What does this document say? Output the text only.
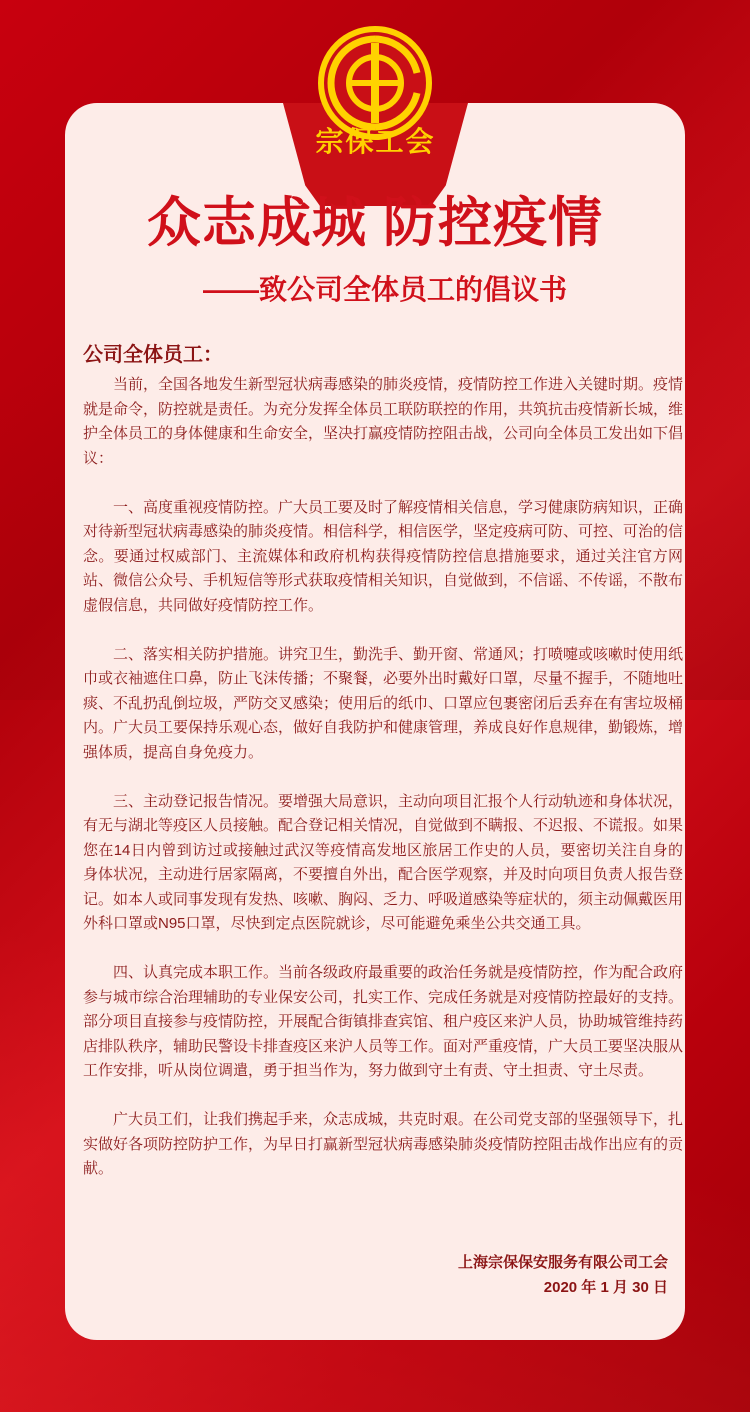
宗保工会
众志成城 防控疫情
——致公司全体员工的倡议书
公司全体员工：

当前，全国各地发生新型冠状病毒感染的肺炎疫情，疫情防控工作进入关键时期。疫情就是命令，防控就是责任。为充分发挥全体员工联防联控的作用，共筑抗击疫情新长城，维护全体员工的身体健康和生命安全，坚决打赢疫情防控阻击战，公司向全体员工发出如下倡议：

一、高度重视疫情防控。广大员工要及时了解疫情相关信息，学习健康防病知识，正确对待新型冠状病毒感染的肺炎疫情。相信科学，相信医学，坚定疫病可防、可控、可治的信念。要通过权威部门、主流媒体和政府机构获得疫情防控信息措施要求，通过关注官方网站、微信公众号、手机短信等形式获取疫情相关知识，自觉做到，不信谣、不传谣，不散布虚假信息，共同做好疫情防控工作。

二、落实相关防护措施。讲究卫生，勤洗手、勤开窗、常通风；打喷嚏或咳嗽时使用纸巾或衣袖遮住口鼻，防止飞沫传播；不聚餐，必要外出时戴好口罩，尽量不握手，不随地吐痰、不乱扔乱倒垃圾，严防交叉感染；使用后的纸巾、口罩应包裹密闭后丢弃在有害垃圾桶内。广大员工要保持乐观心态，做好自我防护和健康管理，养成良好作息规律，勤锻炼，增强体质，提高自身免疫力。

三、主动登记报告情况。要增强大局意识，主动向项目汇报个人行动轨迹和身体状况，有无与湖北等疫区人员接触。配合登记相关情况，自觉做到不瞒报、不迟报、不谎报。如果您在14日内曾到访过或接触过武汉等疫情高发地区旅居工作史的人员，要密切关注自身的身体状况，主动进行居家隔离，不要擅自外出，配合医学观察，并及时向项目负责人报告登记。如本人或同事发现有发热、咳嗽、胸闷、乏力、呼吸道感染等症状的，须主动佩戴医用外科口罩或N95口罩，尽快到定点医院就诊，尽可能避免乘坐公共交通工具。

四、认真完成本职工作。当前各级政府最重要的政治任务就是疫情防控，作为配合政府参与城市综合治理辅助的专业保安公司，扎实工作、完成任务就是对疫情防控最好的支持。部分项目直接参与疫情防控，开展配合街镇排查宾馆、租户疫区来沪人员，协助城管维持药店排队秩序，辅助民警设卡排查疫区来沪人员等工作。面对严重疫情，广大员工要坚决服从工作安排，听从岗位调遣，勇于担当作为，努力做到守土有责、守土担责、守土尽责。

广大员工们，让我们携起手来，众志成城，共克时艰。在公司党支部的坚强领导下，扎实做好各项防控防护工作，为早日打赢新型冠状病毒感染肺炎疫情防控阻击战作出应有的贡献。

上海宗保保安服务有限公司工会
2020 年 1 月 30 日
